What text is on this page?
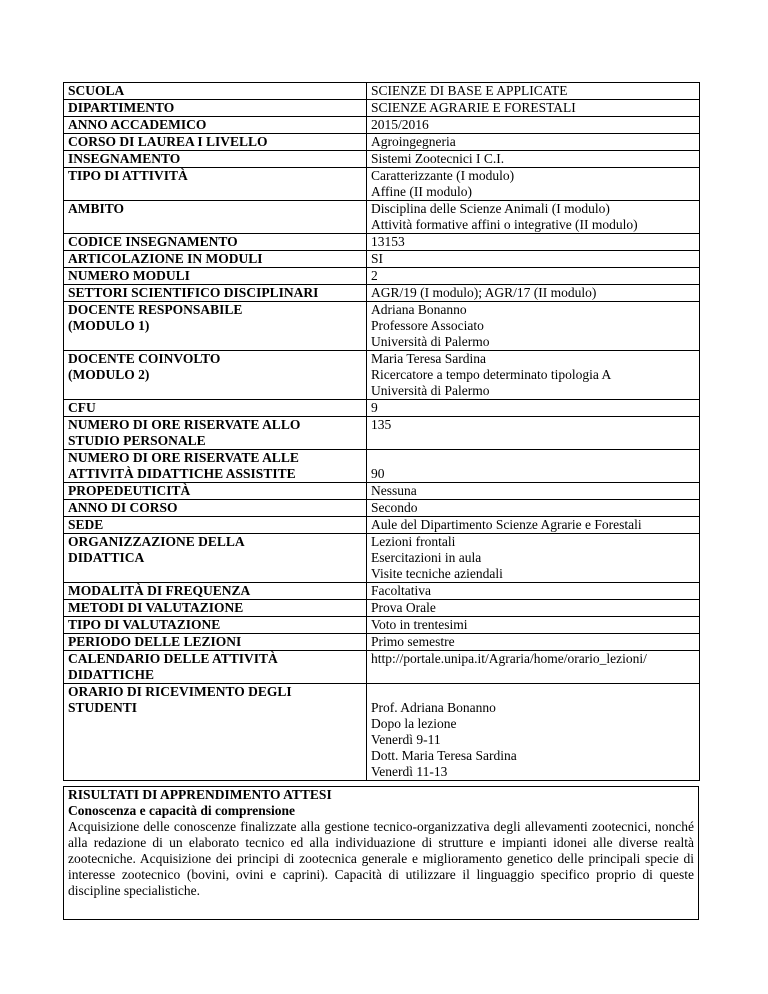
SCUOLA	SCIENZE DI BASE E APPLICATE

DIPARTIMENTO	SCIENZE AGRARIE E FORESTALI

ANNO ACCADEMICO	2015/2016

CORSO DI LAUREA I LIVELLO	Agroingegneria

INSEGNAMENTO	Sistemi Zootecnici I C.I.

TIPO DI ATTIVITÀ	Caratterizzante (I modulo)
Affine (II modulo)

AMBITO	Disciplina delle Scienze Animali (I modulo)
Attività formative affini o integrative (II modulo)

CODICE INSEGNAMENTO	13153

ARTICOLAZIONE IN MODULI	SI

NUMERO MODULI	2

SETTORI SCIENTIFICO DISCIPLINARI	AGR/19 (I modulo); AGR/17 (II modulo)

DOCENTE RESPONSABILE
(MODULO 1)	Adriana Bonanno
Professore Associato
Università di Palermo

DOCENTE COINVOLTO
(MODULO 2)	Maria Teresa Sardina
Ricercatore a tempo determinato tipologia A
Università di Palermo

CFU	9

NUMERO DI ORE RISERVATE ALLO
STUDIO PERSONALE	135

NUMERO DI ORE RISERVATE ALLE
ATTIVITÀ DIDATTICHE ASSISTITE	90

PROPEDEUTICITÀ	Nessuna

ANNO DI CORSO	Secondo

SEDE	Aule del Dipartimento Scienze Agrarie e Forestali

ORGANIZZAZIONE DELLA
DIDATTICA	Lezioni frontali
Esercitazioni in aula
Visite tecniche aziendali

MODALITÀ DI FREQUENZA	Facoltativa

METODI DI VALUTAZIONE	Prova Orale

TIPO DI VALUTAZIONE	Voto in trentesimi

PERIODO DELLE LEZIONI	Primo semestre

CALENDARIO DELLE ATTIVITÀ
DIDATTICHE	http://portale.unipa.it/Agraria/home/orario_lezioni/

ORARIO DI RICEVIMENTO DEGLI
STUDENTI	Prof. Adriana Bonanno
Dopo la lezione
Venerdì 9-11
Dott. Maria Teresa Sardina
Venerdì 11-13
RISULTATI DI APPRENDIMENTO ATTESI
Conoscenza e capacità di comprensione
Acquisizione delle conoscenze finalizzate alla gestione tecnico-organizzativa degli allevamenti zootecnici, nonché alla redazione di un elaborato tecnico ed alla individuazione di strutture e impianti idonei alle diverse realtà zootecniche. Acquisizione dei principi di zootecnica generale e miglioramento genetico delle principali specie di interesse zootecnico (bovini, ovini e caprini). Capacità di utilizzare il linguaggio specifico proprio di queste discipline specialistiche.
